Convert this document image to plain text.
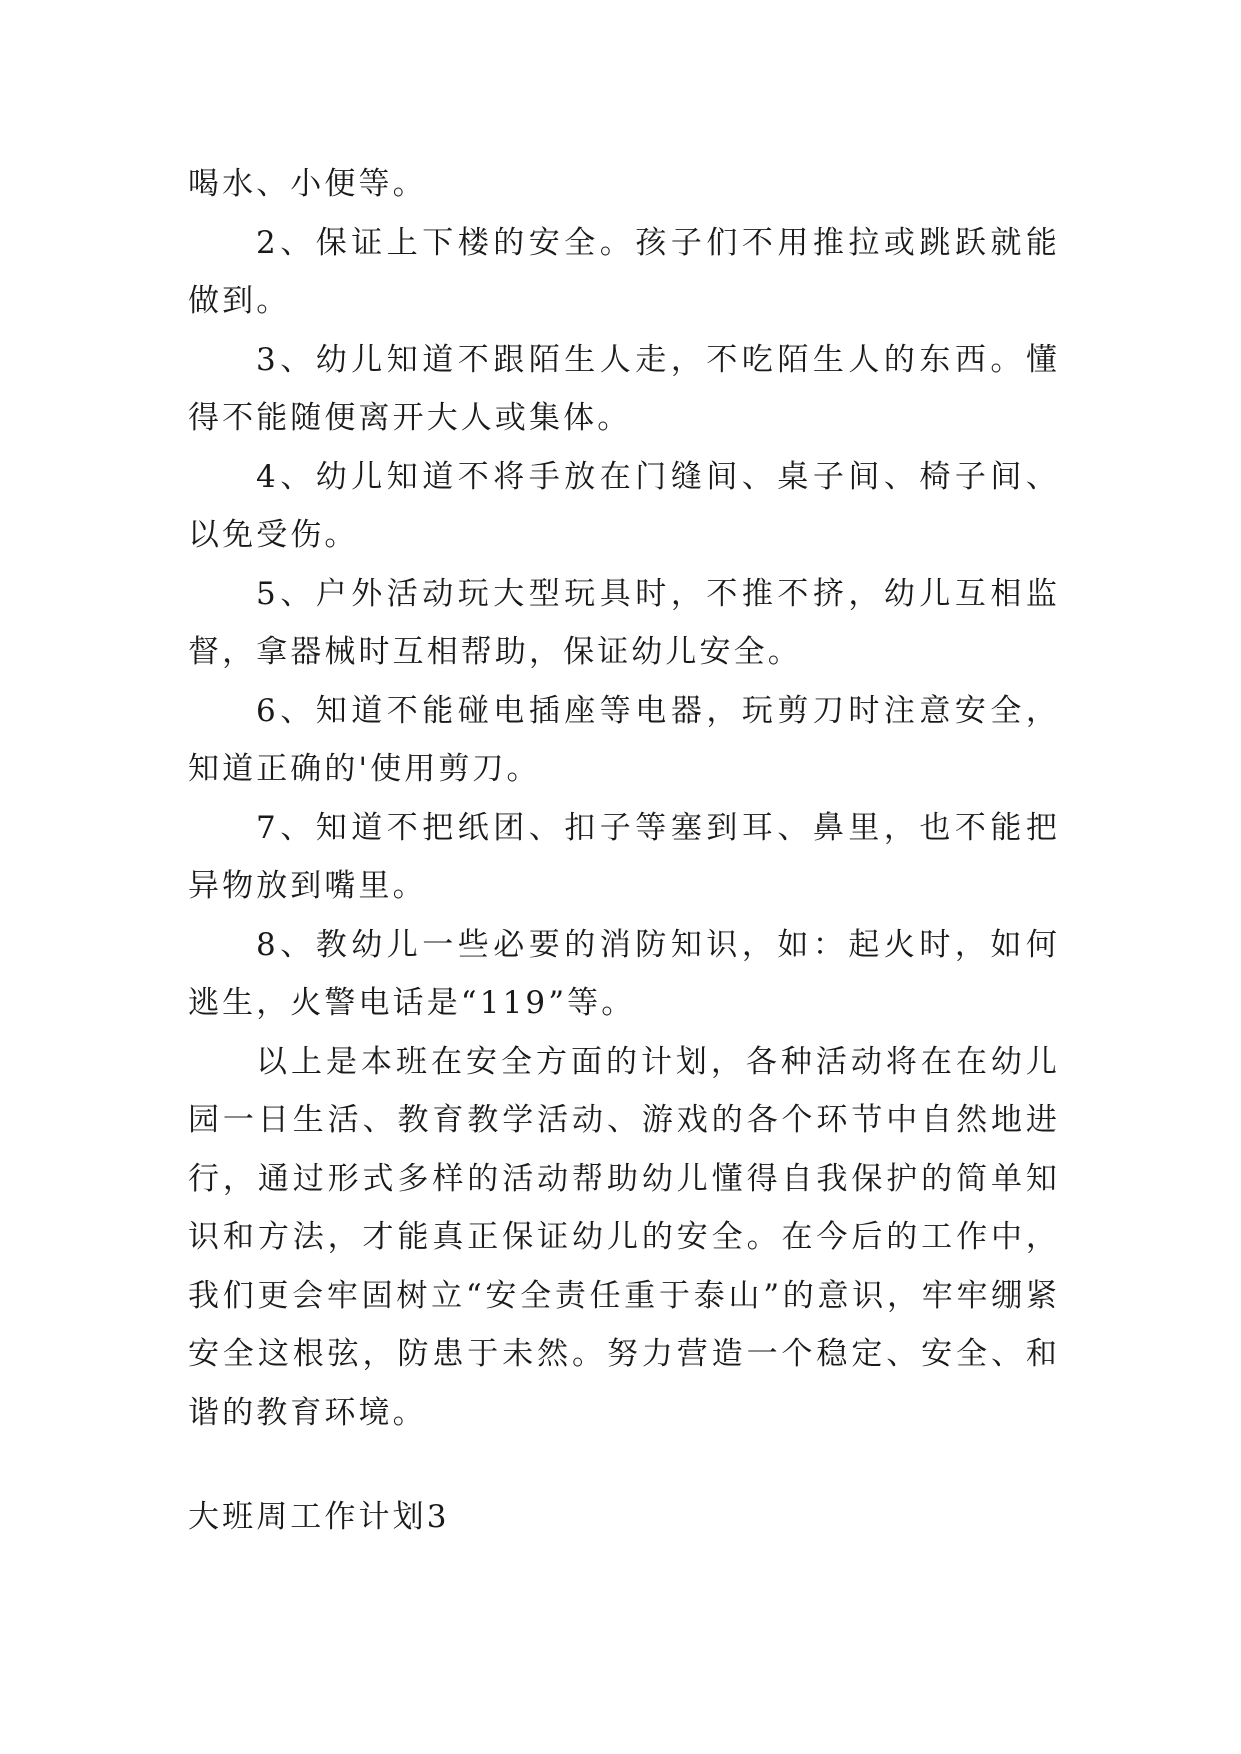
喝水、小便等。

2、保证上下楼的安全。孩子们不用推拉或跳跃就能做到。

3、幼儿知道不跟陌生人走，不吃陌生人的东西。懂得不能随便离开大人或集体。

4、幼儿知道不将手放在门缝间、桌子间、椅子间、以免受伤。

5、户外活动玩大型玩具时，不推不挤，幼儿互相监督，拿器械时互相帮助，保证幼儿安全。

6、知道不能碰电插座等电器，玩剪刀时注意安全，知道正确的'使用剪刀。

7、知道不把纸团、扣子等塞到耳、鼻里，也不能把异物放到嘴里。

8、教幼儿一些必要的消防知识，如：起火时，如何逃生，火警电话是“119”等。

以上是本班在安全方面的计划，各种活动将在在幼儿园一日生活、教育教学活动、游戏的各个环节中自然地进行，通过形式多样的活动帮助幼儿懂得自我保护的简单知识和方法，才能真正保证幼儿的安全。在今后的工作中，我们更会牢固树立“安全责任重于泰山”的意识，牢牢绷紧安全这根弦，防患于未然。努力营造一个稳定、安全、和谐的教育环境。

大班周工作计划3
